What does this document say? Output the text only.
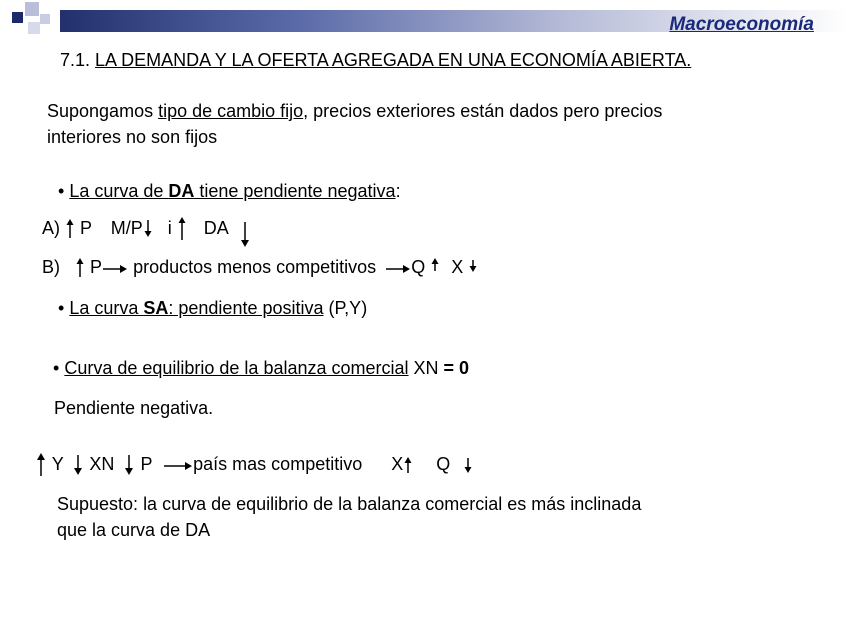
Macroeconomía
7.1. LA DEMANDA Y LA OFERTA AGREGADA EN UNA ECONOMÍA ABIERTA.
Supongamos tipo de cambio fijo, precios exteriores están dados pero precios
interiores no son fijos
• La curva de DA tiene pendiente negativa:
A) P M/P i DA
B) P productos menos competitivos Q X
• La curva SA: pendiente positiva (P,Y)
• Curva de equilibrio de la balanza comercial XN = 0
Pendiente negativa.
Y XN P país mas competitivo X Q
Supuesto: la curva de equilibrio de la balanza comercial es más inclinada
que la curva de DA
